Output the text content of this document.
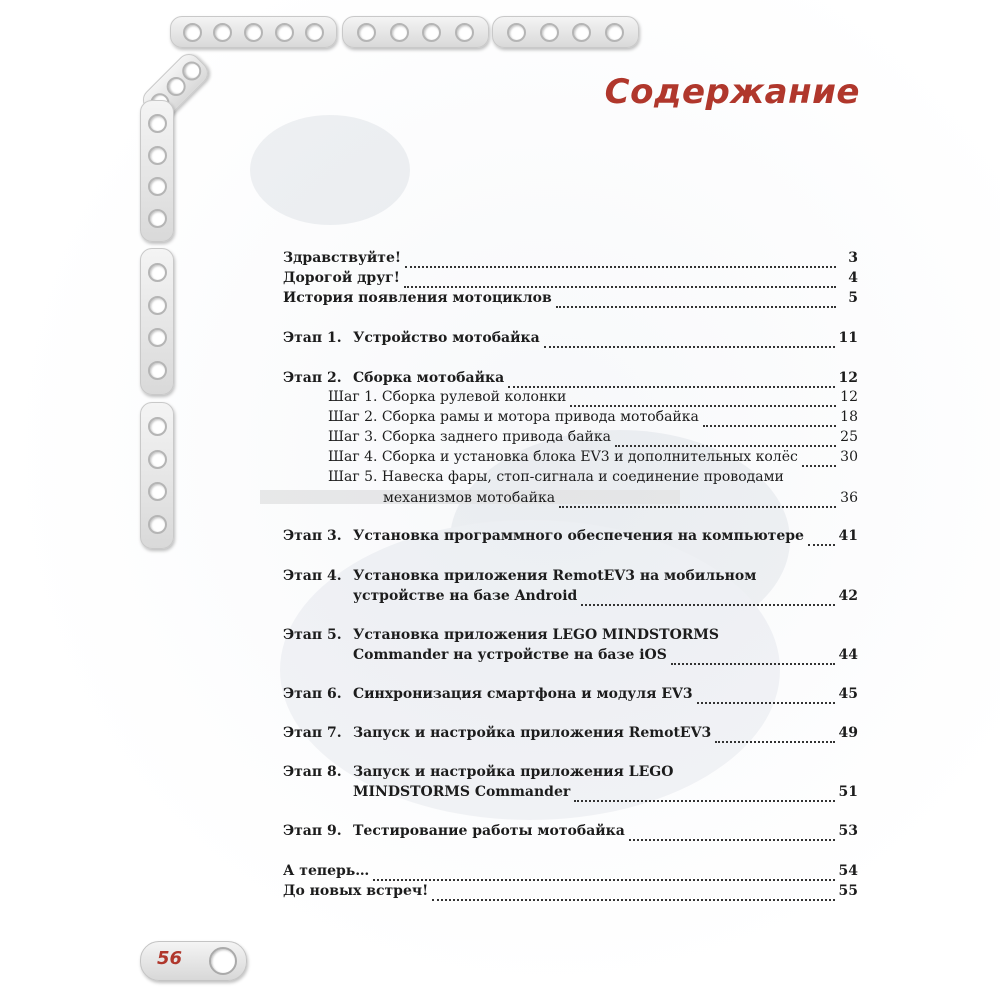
Содержание
Здравствуйте!	3
Дорогой друг!	4
История появления мотоциклов	5
Этап 1. Устройство мотобайка	11
Этап 2. Сборка мотобайка	12
Шаг 1. Сборка рулевой колонки	12
Шаг 2. Сборка рамы и мотора привода мотобайка	18
Шаг 3. Сборка заднего привода байка	25
Шаг 4. Сборка и установка блока EV3 и дополнительных колёс	30
Шаг 5. Навеска фары, стоп-сигнала и соединение проводами
механизмов мотобайка	36
Этап 3. Установка программного обеспечения на компьютере 41
Этап 4. Установка приложения RemotEV3 на мобильном
устройстве на базе Android	42
Этап 5. Установка приложения LEGO MINDSTORMS
Commander на устройстве на базе iOS	44
Этап 6. Синхронизация смартфона и модуля EV3	45
Этап 7. Запуск и настройка приложения RemotEV3	49
Этап 8. Запуск и настройка приложения LEGO
MINDSTORMS Commander	51
Этап 9. Тестирование работы мотобайка	53
А теперь…	54
До новых встреч!	55
56
